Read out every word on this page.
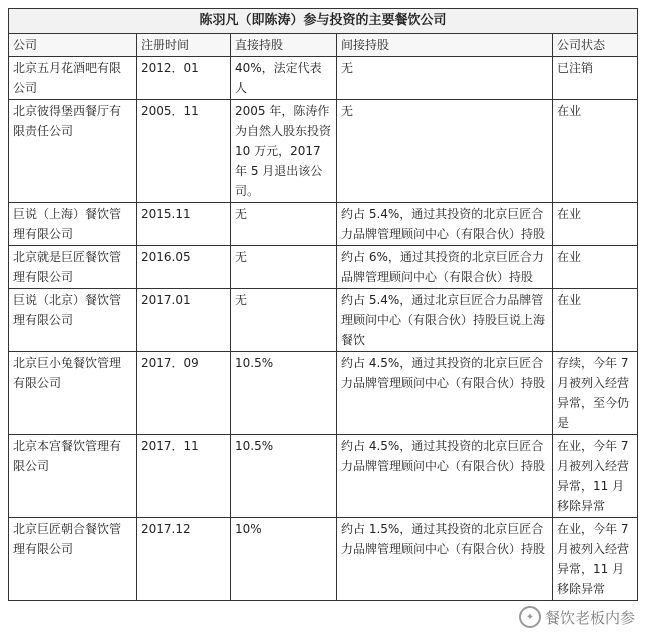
陈羽凡（即陈涛）参与投资的主要餐饮公司				
公司	注册时间	直接持股	间接持股	公司状态
北京五月花酒吧有限公司	2012．01	40%，法定代表人	无	已注销
北京彼得堡西餐厅有限责任公司	2005．11	2005 年，陈涛作为自然人股东投资 10 万元，2017 年 5 月退出该公司。	无	在业
巨说（上海）餐饮管理有限公司	2015.11	无	约占 5.4%，通过其投资的北京巨匠合力品牌管理顾问中心（有限合伙）持股	在业
北京就是巨匠餐饮管理有限公司	2016.05	无	约占 6%，通过其投资的北京巨匠合力品牌管理顾问中心（有限合伙）持股	在业
巨说（北京）餐饮管理有限公司	2017.01	无	约占 5.4%，通过北京巨匠合力品牌管理顾问中心（有限合伙）持股巨说上海餐饮	在业
北京巨小兔餐饮管理有限公司	2017．09	10.5%	约占 4.5%，通过其投资的北京巨匠合力品牌管理顾问中心（有限合伙）持股	存续，今年 7 月被列入经营异常，至今仍是
北京本宫餐饮管理有限公司	2017．11	10.5%	约占 4.5%，通过其投资的北京巨匠合力品牌管理顾问中心（有限合伙）持股	在业，今年 7 月被列入经营异常，11 月移除异常
北京巨匠朝合餐饮管理有限公司	2017.12	10%	约占 1.5%，通过其投资的北京巨匠合力品牌管理顾问中心（有限合伙）持股	在业，今年 7 月被列入经营异常，11 月移除异常
✦ 餐饮老板内参
